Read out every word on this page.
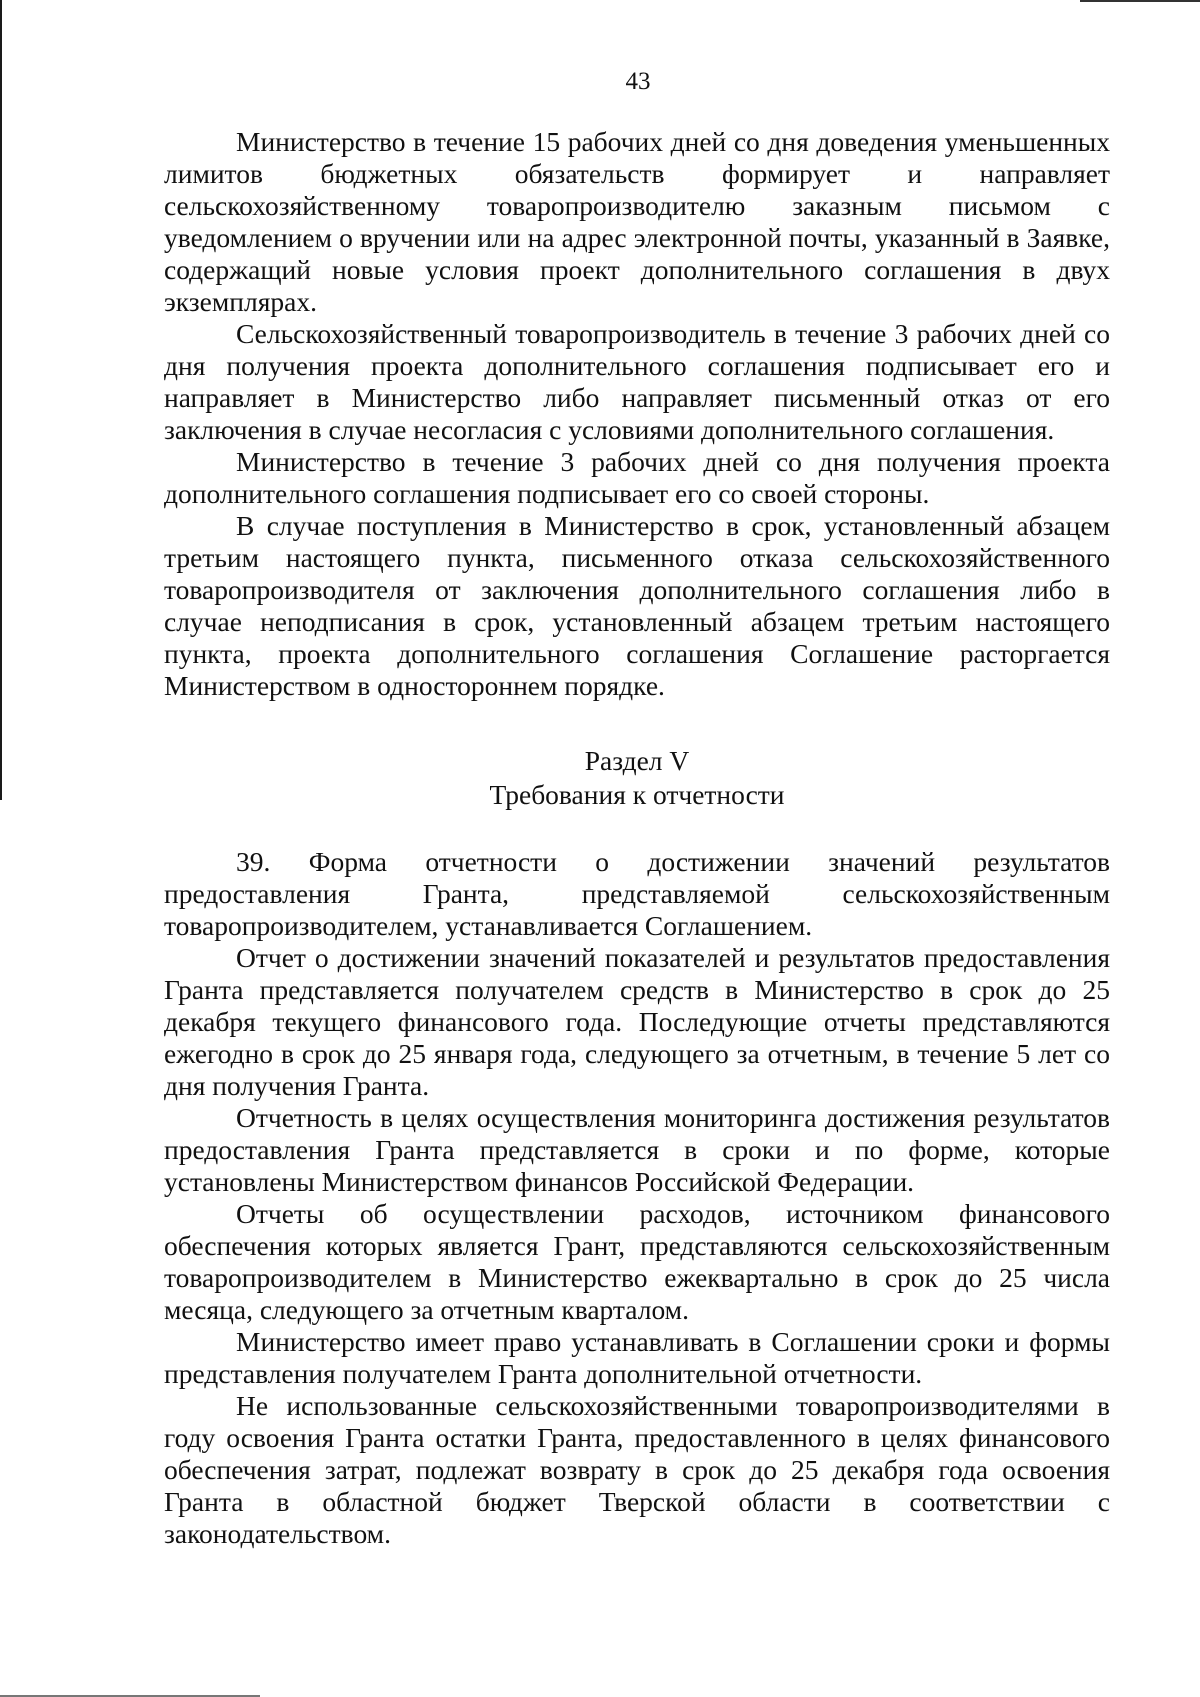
43

Министерство в течение 15 рабочих дней со дня доведения уменьшенных лимитов бюджетных обязательств формирует и направляет сельскохозяйственному товаропроизводителю заказным письмом с уведомлением о вручении или на адрес электронной почты, указанный в Заявке, содержащий новые условия проект дополнительного соглашения в двух экземплярах.

Сельскохозяйственный товаропроизводитель в течение 3 рабочих дней со дня получения проекта дополнительного соглашения подписывает его и направляет в Министерство либо направляет письменный отказ от его заключения в случае несогласия с условиями дополнительного соглашения.

Министерство в течение 3 рабочих дней со дня получения проекта дополнительного соглашения подписывает его со своей стороны.

В случае поступления в Министерство в срок, установленный абзацем третьим настоящего пункта, письменного отказа сельскохозяйственного товаропроизводителя от заключения дополнительного соглашения либо в случае неподписания в срок, установленный абзацем третьим настоящего пункта, проекта дополнительного соглашения Соглашение расторгается Министерством в одностороннем порядке.

Раздел V

Требования к отчетности

39. Форма отчетности о достижении значений результатов предоставления Гранта, представляемой сельскохозяйственным товаропроизводителем, устанавливается Соглашением.

Отчет о достижении значений показателей и результатов предоставления Гранта представляется получателем средств в Министерство в срок до 25 декабря текущего финансового года. Последующие отчеты представляются ежегодно в срок до 25 января года, следующего за отчетным, в течение 5 лет со дня получения Гранта.

Отчетность в целях осуществления мониторинга достижения результатов предоставления Гранта представляется в сроки и по форме, которые установлены Министерством финансов Российской Федерации.

Отчеты об осуществлении расходов, источником финансового обеспечения которых является Грант, представляются сельскохозяйственным товаропроизводителем в Министерство ежеквартально в срок до 25 числа месяца, следующего за отчетным кварталом.

Министерство имеет право устанавливать в Соглашении сроки и формы представления получателем Гранта дополнительной отчетности.

Не использованные сельскохозяйственными товаропроизводителями в году освоения Гранта остатки Гранта, предоставленного в целях финансового обеспечения затрат, подлежат возврату в срок до 25 декабря года освоения Гранта в областной бюджет Тверской области в соответствии с законодательством.
